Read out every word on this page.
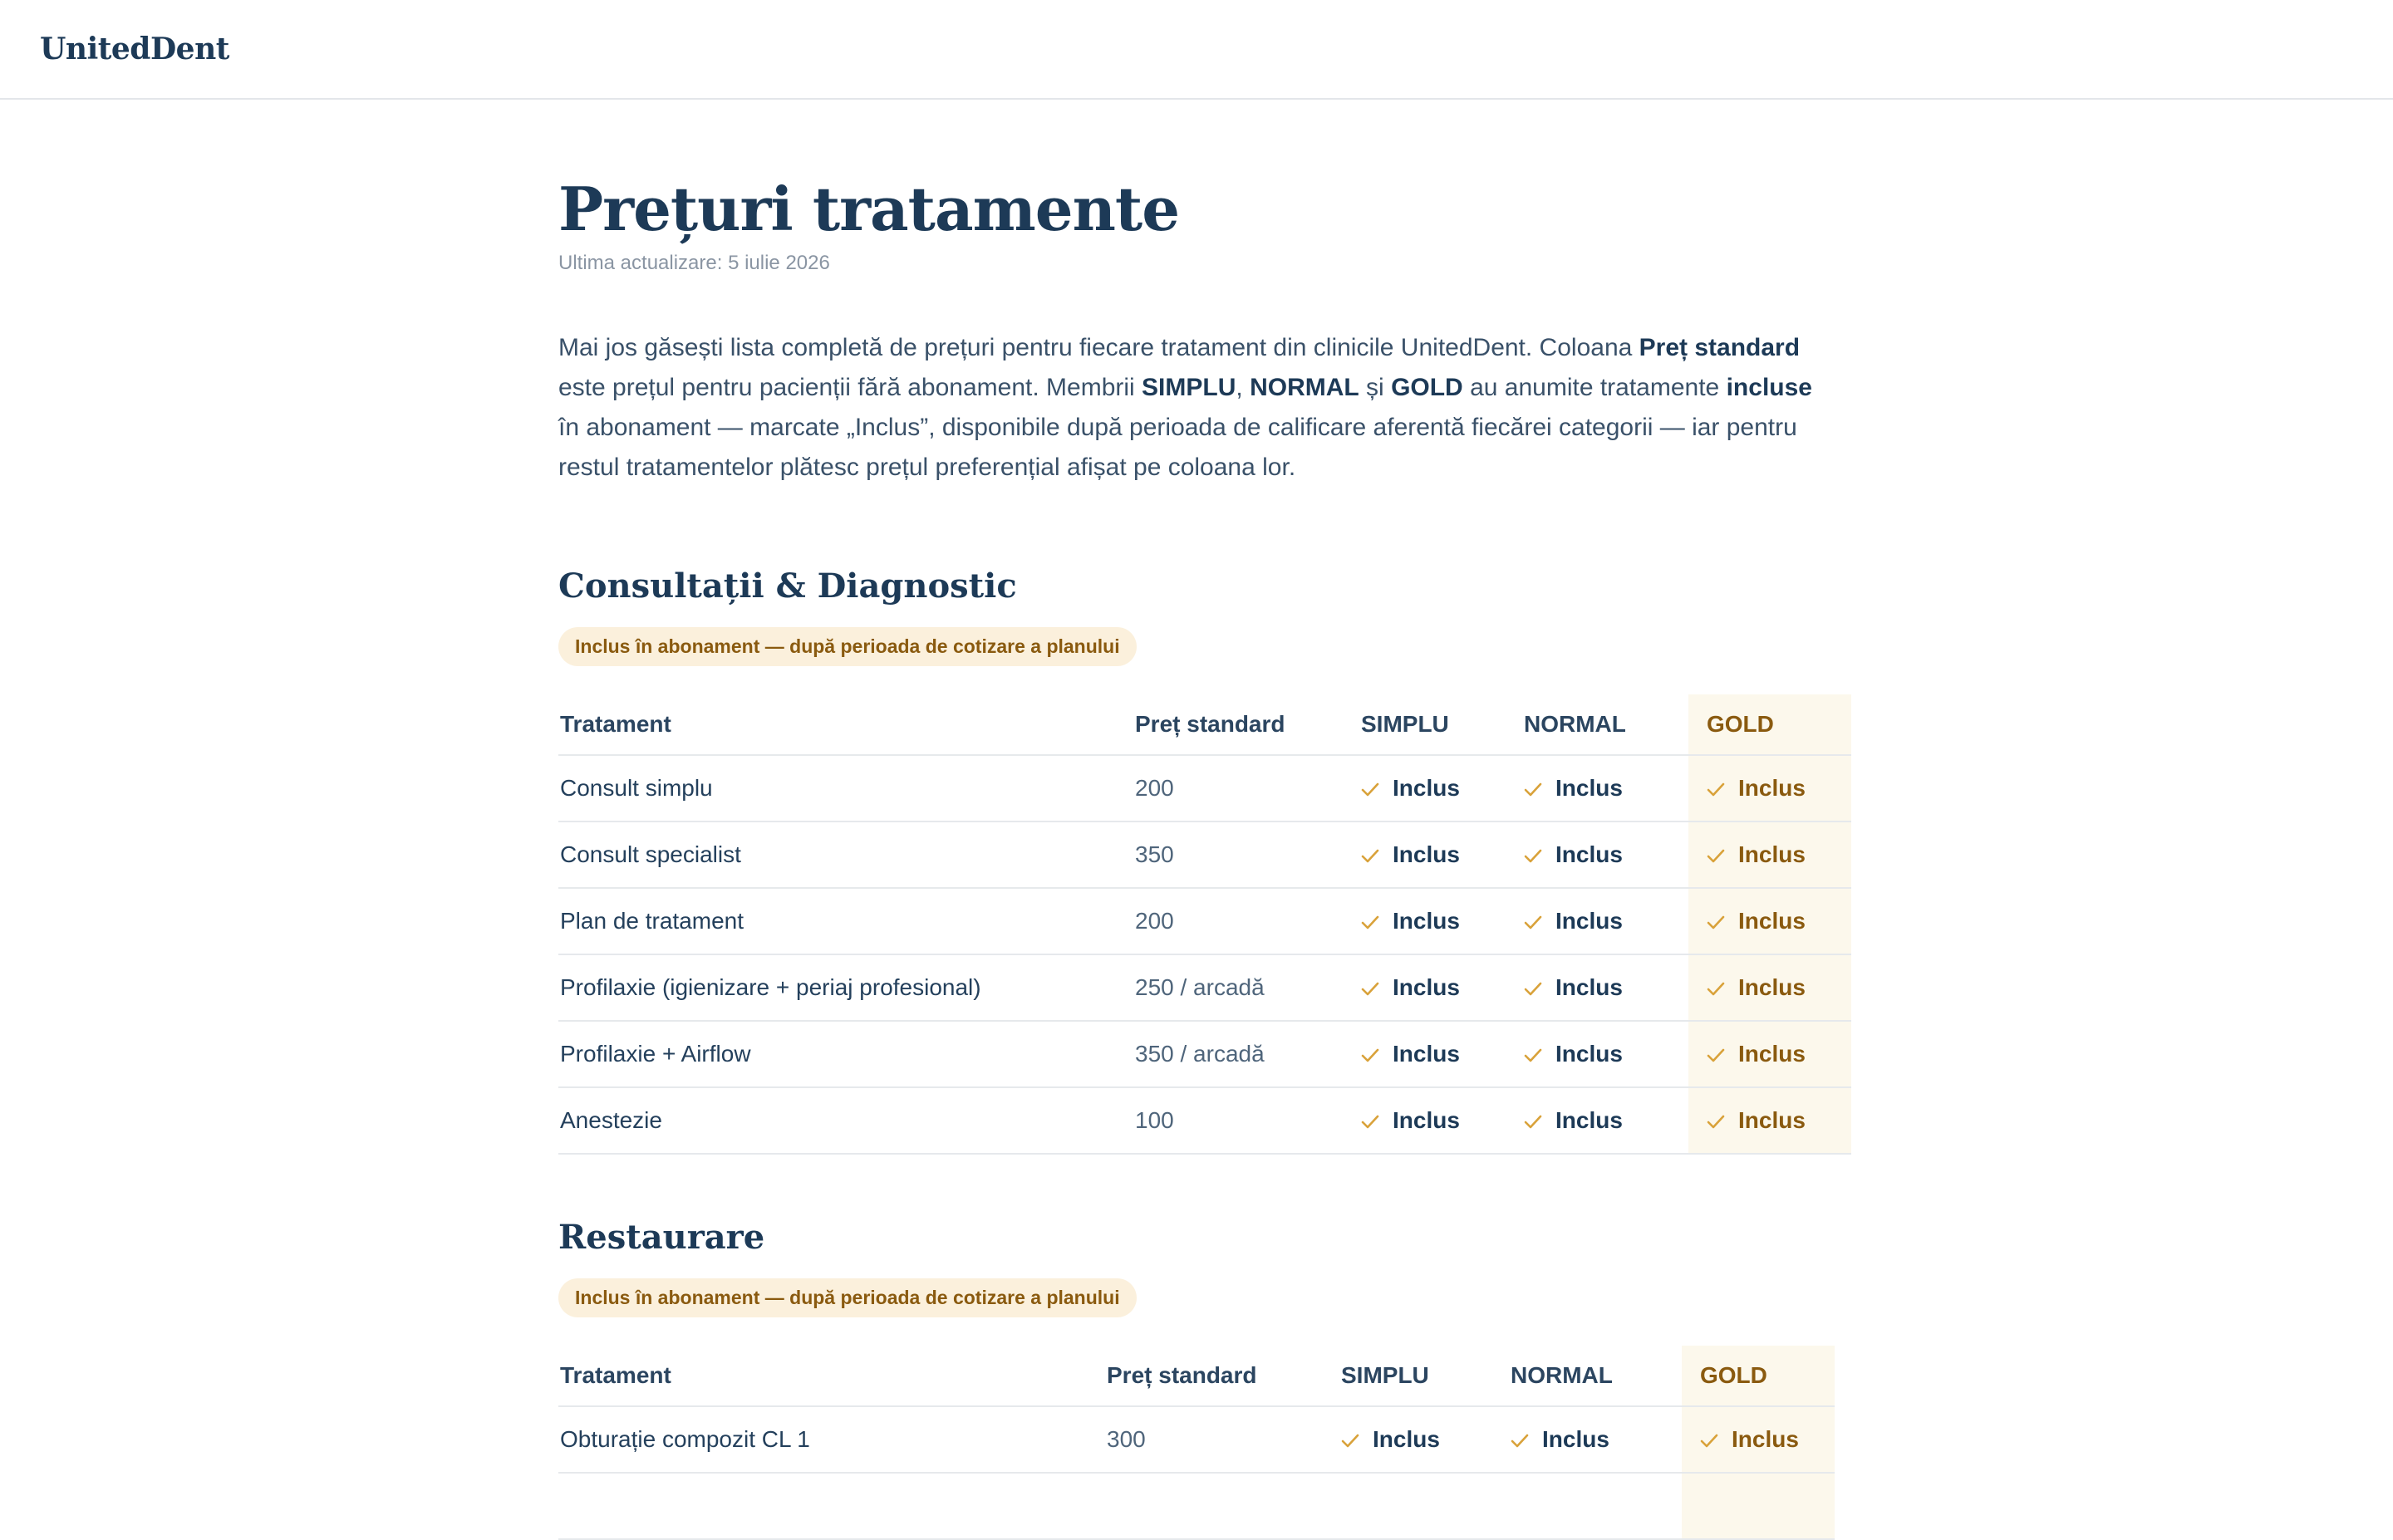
UnitedDent
Prețuri tratamente
Ultima actualizare: 5 iulie 2026

Mai jos găsești lista completă de prețuri pentru fiecare tratament din clinicile UnitedDent. Coloana Preț standard este prețul pentru pacienții fără abonament. Membrii SIMPLU, NORMAL și GOLD au anumite tratamente incluse în abonament — marcate „Inclus”, disponibile după perioada de calificare aferentă fiecărei categorii — iar pentru restul tratamentelor plătesc prețul preferențial afișat pe coloana lor.

Consultații & Diagnostic
Inclus în abonament — după perioada de cotizare a planului
Tratament	Preț standard	SIMPLU	NORMAL	GOLD
Consult simplu	200	Inclus	Inclus	Inclus
Consult specialist	350	Inclus	Inclus	Inclus
Plan de tratament	200	Inclus	Inclus	Inclus
Profilaxie (igienizare + periaj profesional)	250 / arcadă	Inclus	Inclus	Inclus
Profilaxie + Airflow	350 / arcadă	Inclus	Inclus	Inclus
Anestezie	100	Inclus	Inclus	Inclus
Restaurare
Inclus în abonament — după perioada de cotizare a planului
Tratament	Preț standard	SIMPLU	NORMAL	GOLD
Obturație compozit CL 1	300	Inclus	Inclus	Inclus
